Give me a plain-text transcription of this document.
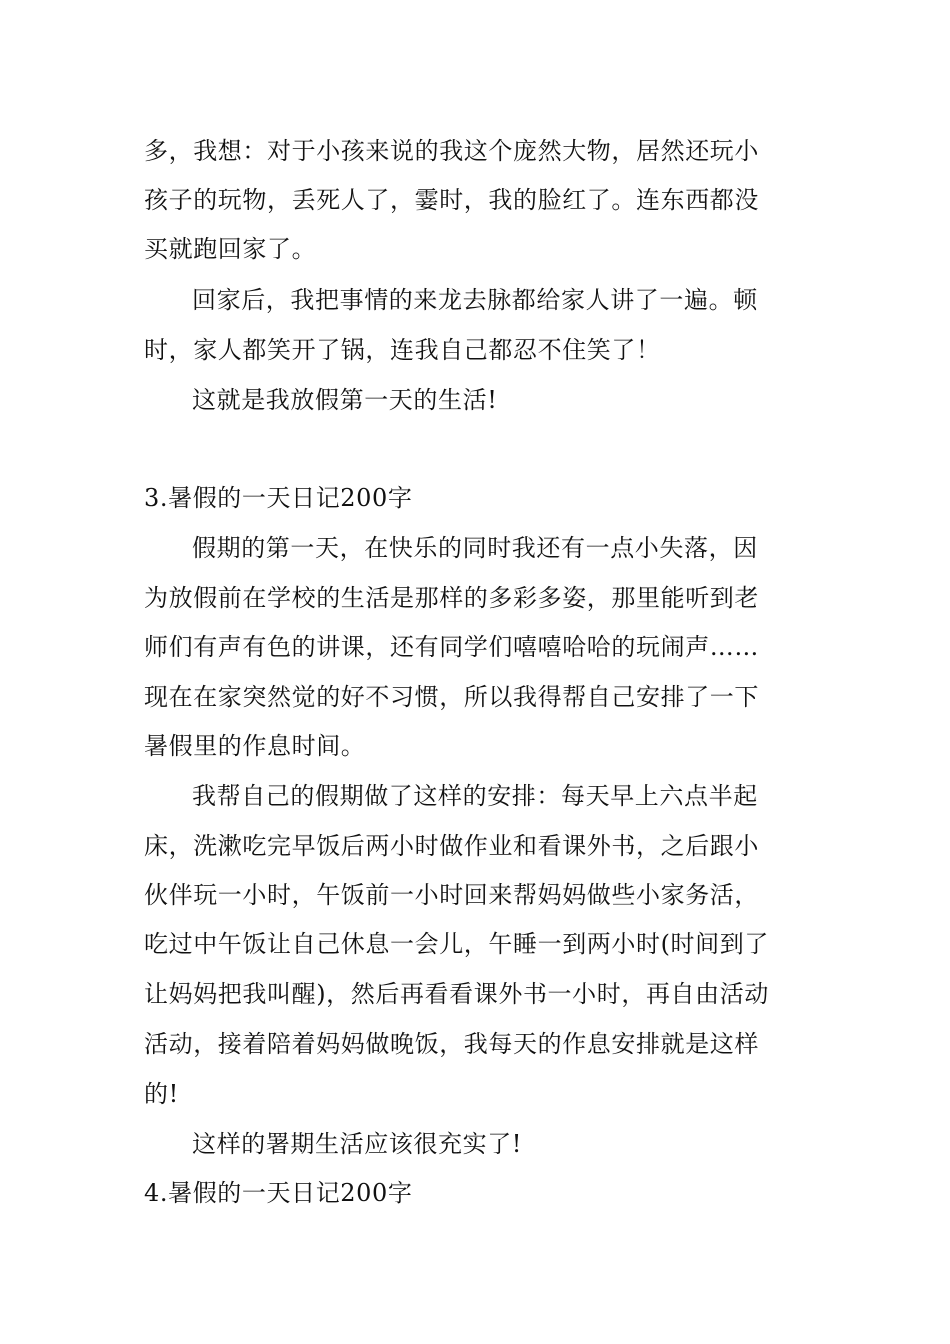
多，我想：对于小孩来说的我这个庞然大物，居然还玩小
孩子的玩物，丢死人了，霎时，我的脸红了。连东西都没
买就跑回家了。
回家后，我把事情的来龙去脉都给家人讲了一遍。顿
时，家人都笑开了锅，连我自己都忍不住笑了！
这就是我放假第一天的生活!
3.暑假的一天日记200字
假期的第一天，在快乐的同时我还有一点小失落，因
为放假前在学校的生活是那样的多彩多姿，那里能听到老
师们有声有色的讲课，还有同学们嘻嘻哈哈的玩闹声……
现在在家突然觉的好不习惯，所以我得帮自己安排了一下
暑假里的作息时间。
我帮自己的假期做了这样的安排：每天早上六点半起
床，洗漱吃完早饭后两小时做作业和看课外书，之后跟小
伙伴玩一小时，午饭前一小时回来帮妈妈做些小家务活，
吃过中午饭让自己休息一会儿，午睡一到两小时(时间到了
让妈妈把我叫醒)，然后再看看课外书一小时，再自由活动
活动，接着陪着妈妈做晚饭，我每天的作息安排就是这样
的!
这样的署期生活应该很充实了!
4.暑假的一天日记200字
